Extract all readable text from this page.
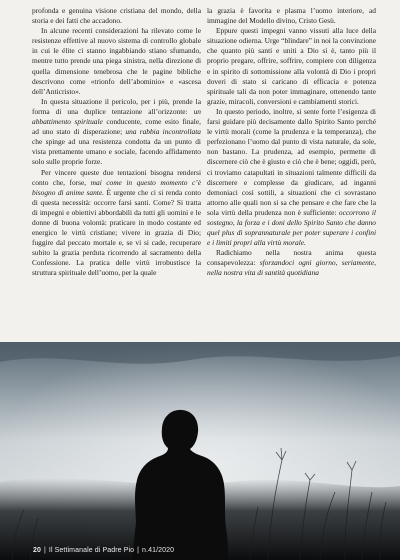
profonda e genuina visione cristiana del mondo, della storia e dei fatti che accadono.

In alcune recenti considerazioni ha rilevato come le resistenze effettive al nuovo sistema di controllo globale in cui le élite ci stanno ingabbiando stiano sfumando, mentre tutto prende una piega sinistra, nella direzione di quella dimensione tenebrosa che le pagine bibliche descrivono come «trionfo dell’abominio» e «ascesa dell’Anticristo».

In questa situazione il pericolo, per i più, prende la forma di una duplice tentazione all’orizzonte: un abbattimento spirituale conducente, come esito finale, ad uno stato di disperazione; una rabbia incontrollata che spinge ad una resistenza condotta da un punto di vista prettamente umano e sociale, facendo affidamento solo sulle proprie forze.

Per vincere queste due tentazioni bisogna rendersi conto che, forse, mai come in questo momento c’è bisogno di anime sante. È urgente che ci si renda conto di questa necessità: occorre farsi santi. Come? Si tratta di impegni e obiettivi abbordabili da tutti gli uomini e le donne di buona volontà: praticare in modo costante ed energico le virtù cristiane; vivere in grazia di Dio; fuggire dal peccato mortale e, se vi si cade, recuperare subito la grazia perduta ricorrendo al sacramento della Confessione. La pratica delle virtù irrobustisce la struttura spirituale dell’uomo, per la quale

la grazia è favorita e plasma l’uomo interiore, ad immagine del Modello divino, Cristo Gesù.

Eppure questi impegni vanno vissuti alla luce della situazione odierna. Urge “blindare” in noi la convinzione che quanto più santi e uniti a Dio si è, tanto più il proprio pregare, offrire, soffrire, compiere con diligenza e in spirito di sottomissione alla volontà di Dio i propri doveri di stato si caricano di efficacia e potenza spirituale tali da non poter immaginare, ottenendo tante grazie, miracoli, conversioni e cambiamenti storici.

In questo periodo, inoltre, si sente forte l’esigenza di farsi guidare più decisamente dallo Spirito Santo perché le virtù morali (come la prudenza e la temperanza), che perfezionano l’uomo dal punto di vista naturale, da sole, non bastano. La prudenza, ad esempio, permette di discernere ciò che è giusto e ciò che è bene; oggidì, però, ci troviamo catapultati in situazioni talmente difficili da discernere e complesse da giudicare, ad inganni demoniaci così sottili, a situazioni che ci sovrastano attorno alle quali non si sa che pensare e che fare che la sola virtù della prudenza non è sufficiente: occorrono il sostegno, la forza e i doni dello Spirito Santo che danno quel plus di soprannaturale per poter superare i confini e i limiti propri alla virtù morale.

Radichiamo nella nostra anima questa consapevolezza: sforzandoci ogni giorno, seriamente, nella nostra vita di santità quotidiana

20 | Il Settimanale di Padre Pio | n.41/2020
